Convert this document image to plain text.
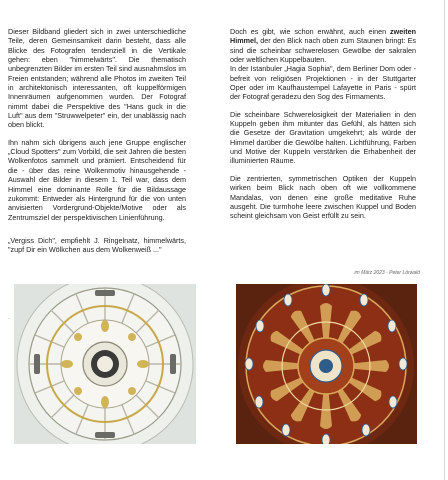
Dieser Bildband gliedert sich in zwei unterschiedliche Teile, deren Gemeinsamkeit darin besteht, dass alle Blicke des Fotografen tendenziell in die Vertikale gehen: eben "himmelwärts". Die thematisch unbegrenzten Bilder im ersten Teil sind ausnahmslos im Freien entstanden; während alle Photos im zweiten Teil in architektonisch interessanten, oft kuppelförmigen Innenräumen aufgenommen wurden. Der Fotograf nimmt dabei die Perspektive des "Hans guck in die Luft" aus dem "Struwwelpeter" ein, der unablässig nach oben blickt.

Ihn nahm sich übrigens auch jene Gruppe englischer „Cloud Spotters" zum Vorbild, die seit Jahren die besten Wolkenfotos sammelt und prämiert. Entscheidend für die - über das reine Wolkenmotiv hinausgehende - Auswahl der Bilder in diesem 1. Teil war, dass dem Himmel eine dominante Rolle für die Bildaussage zukommt: Entweder als Hintergrund für die von unten anvisierten Vordergrund-Objekte/Motive oder als Zentrumsziel der perspektivischen Linienführung.

„Vergiss Dich", empfiehlt J. Ringelnatz, himmelwärts, "zupf Dir ein Wölkchen aus dem Wolkenweiß ..."

Doch es gibt, wie schon erwähnt, auch einen zweiten Himmel, der den Blick nach oben zum Staunen bringt: Es sind die scheinbar schwerelosen Gewölbe der sakralen oder weltlichen Kuppelbauten.
In der Istanbuler „Hagia Sophia", dem Berliner Dom oder - befreit von religiösen Projektionen - in der Stuttgarter Oper oder im Kaufhaustempel Lafayette in Paris - spürt der Fotograf geradezu den Sog des Firmaments.

Die scheinbare Schwerelosigkeit der Materialien in den Kuppeln geben ihm mitunter das Gefühl, als hätten sich die Gesetze der Gravitation umgekehrt; als würde der Himmel darüber die Gewölbe halten. Lichtführung, Farben und Motive der Kuppeln verstärken die Erhabenheit der illuminierten Räume.

Die zentrierten, symmetrischen Optiken der Kuppeln wirken beim Blick nach oben oft wie vollkommene Mandalas, von denen eine große meditative Ruhe ausgeht. Die turmhohe leere zwischen Kuppel und Boden scheint gleichsam von Geist erfüllt zu sein.

im März 2023 · Peter Lörwald
·
